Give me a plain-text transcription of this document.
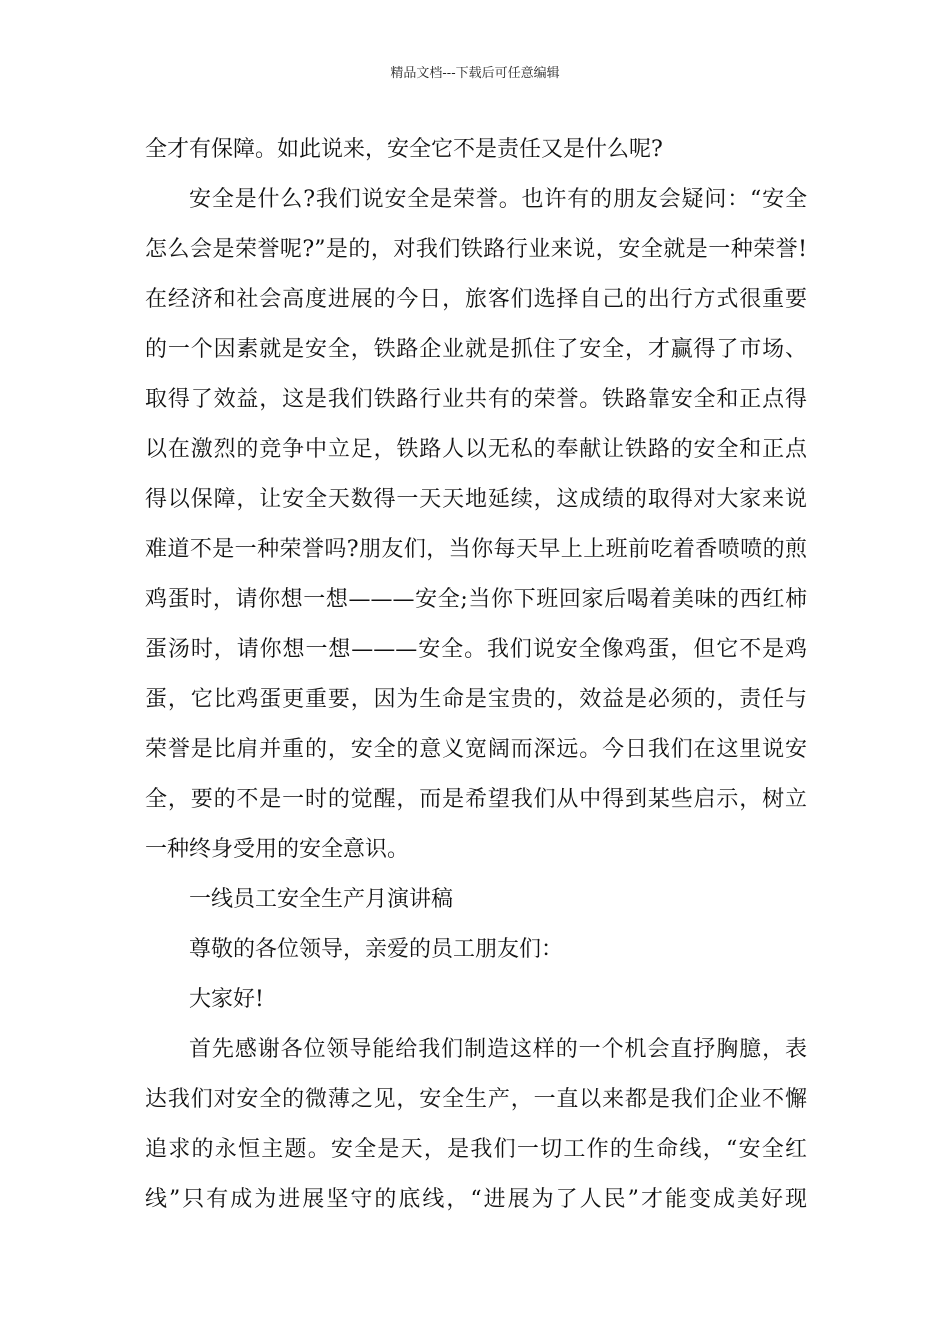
精品文档---下载后可任意编辑
全才有保障。如此说来，安全它不是责任又是什么呢?
安全是什么?我们说安全是荣誉。也许有的朋友会疑问：“安全
怎么会是荣誉呢?”是的，对我们铁路行业来说，安全就是一种荣誉!
在经济和社会高度进展的今日，旅客们选择自己的出行方式很重要
的一个因素就是安全，铁路企业就是抓住了安全，才赢得了市场、
取得了效益，这是我们铁路行业共有的荣誉。铁路靠安全和正点得
以在激烈的竞争中立足，铁路人以无私的奉献让铁路的安全和正点
得以保障，让安全天数得一天天地延续，这成绩的取得对大家来说
难道不是一种荣誉吗?朋友们，当你每天早上上班前吃着香喷喷的煎
鸡蛋时，请你想一想———安全;当你下班回家后喝着美味的西红柿
蛋汤时，请你想一想———安全。我们说安全像鸡蛋，但它不是鸡
蛋，它比鸡蛋更重要，因为生命是宝贵的，效益是必须的，责任与
荣誉是比肩并重的，安全的意义宽阔而深远。今日我们在这里说安
全，要的不是一时的觉醒，而是希望我们从中得到某些启示，树立
一种终身受用的安全意识。
一线员工安全生产月演讲稿
尊敬的各位领导，亲爱的员工朋友们：
大家好!
首先感谢各位领导能给我们制造这样的一个机会直抒胸臆，表
达我们对安全的微薄之见，安全生产，一直以来都是我们企业不懈
追求的永恒主题。安全是天，是我们一切工作的生命线，“安全红
线”只有成为进展坚守的底线，“进展为了人民”才能变成美好现
